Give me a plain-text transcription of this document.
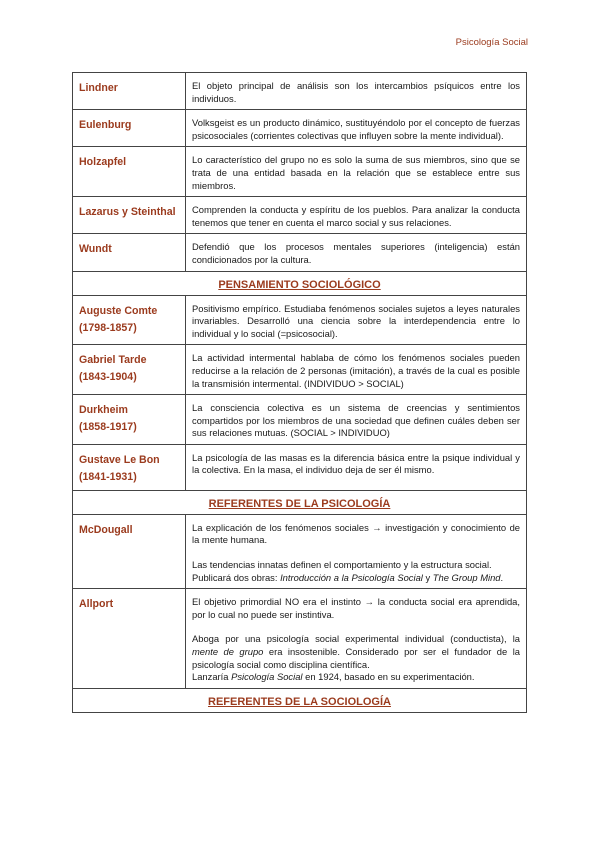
Psicología Social
Lindner	El objeto principal de análisis son los intercambios psíquicos entre los individuos.

Eulenburg	Volksgeist es un producto dinámico, sustituyéndolo por el concepto de fuerzas psicosociales (corrientes colectivas que influyen sobre la mente individual).

Holzapfel	Lo característico del grupo no es solo la suma de sus miembros, sino que se trata de una entidad basada en la relación que se establece entre sus miembros.

Lazarus y Steinthal	Comprenden la conducta y espíritu de los pueblos. Para analizar la conducta tenemos que tener en cuenta el marco social y sus relaciones.

Wundt	Defendió que los procesos mentales superiores (inteligencia) están condicionados por la cultura.
PENSAMIENTO SOCIOLÓGICO	

Auguste Comte
(1798-1857)	Positivismo empírico. Estudiaba fenómenos sociales sujetos a leyes naturales invariables. Desarrolló una ciencia sobre la interdependencia entre lo individual y lo social (=psicosocial).

Gabriel Tarde
(1843-1904)	La actividad intermental hablaba de cómo los fenómenos sociales pueden reducirse a la relación de 2 personas (imitación), a través de la cual es posible la transmisión intermental. (INDIVIDUO > SOCIAL)

Durkheim
(1858-1917)	La consciencia colectiva es un sistema de creencias y sentimientos compartidos por los miembros de una sociedad que definen cuáles deben ser sus relaciones mutuas. (SOCIAL > INDIVIDUO)

Gustave Le Bon
(1841-1931)	La psicología de las masas es la diferencia básica entre la psique individual y la colectiva. En la masa, el individuo deja de ser él mismo.
REFERENTES DE LA PSICOLOGÍA	
McDougall	La explicación de los fenómenos sociales → investigación y conocimiento de la mente humana.

Las tendencias innatas definen el comportamiento y la estructura social.

Publicará dos obras: Introducción a la Psicología Social y The Group Mind.

Allport	El objetivo primordial NO era el instinto → la conducta social era aprendida, por lo cual no puede ser instintiva.

Aboga por una psicología social experimental individual (conductista), la mente de grupo era insostenible. Considerado por ser el fundador de la psicología social como disciplina científica.

Lanzaría Psicología Social en 1924, basado en su experimentación.

REFERENTES DE LA SOCIOLOGÍA	
